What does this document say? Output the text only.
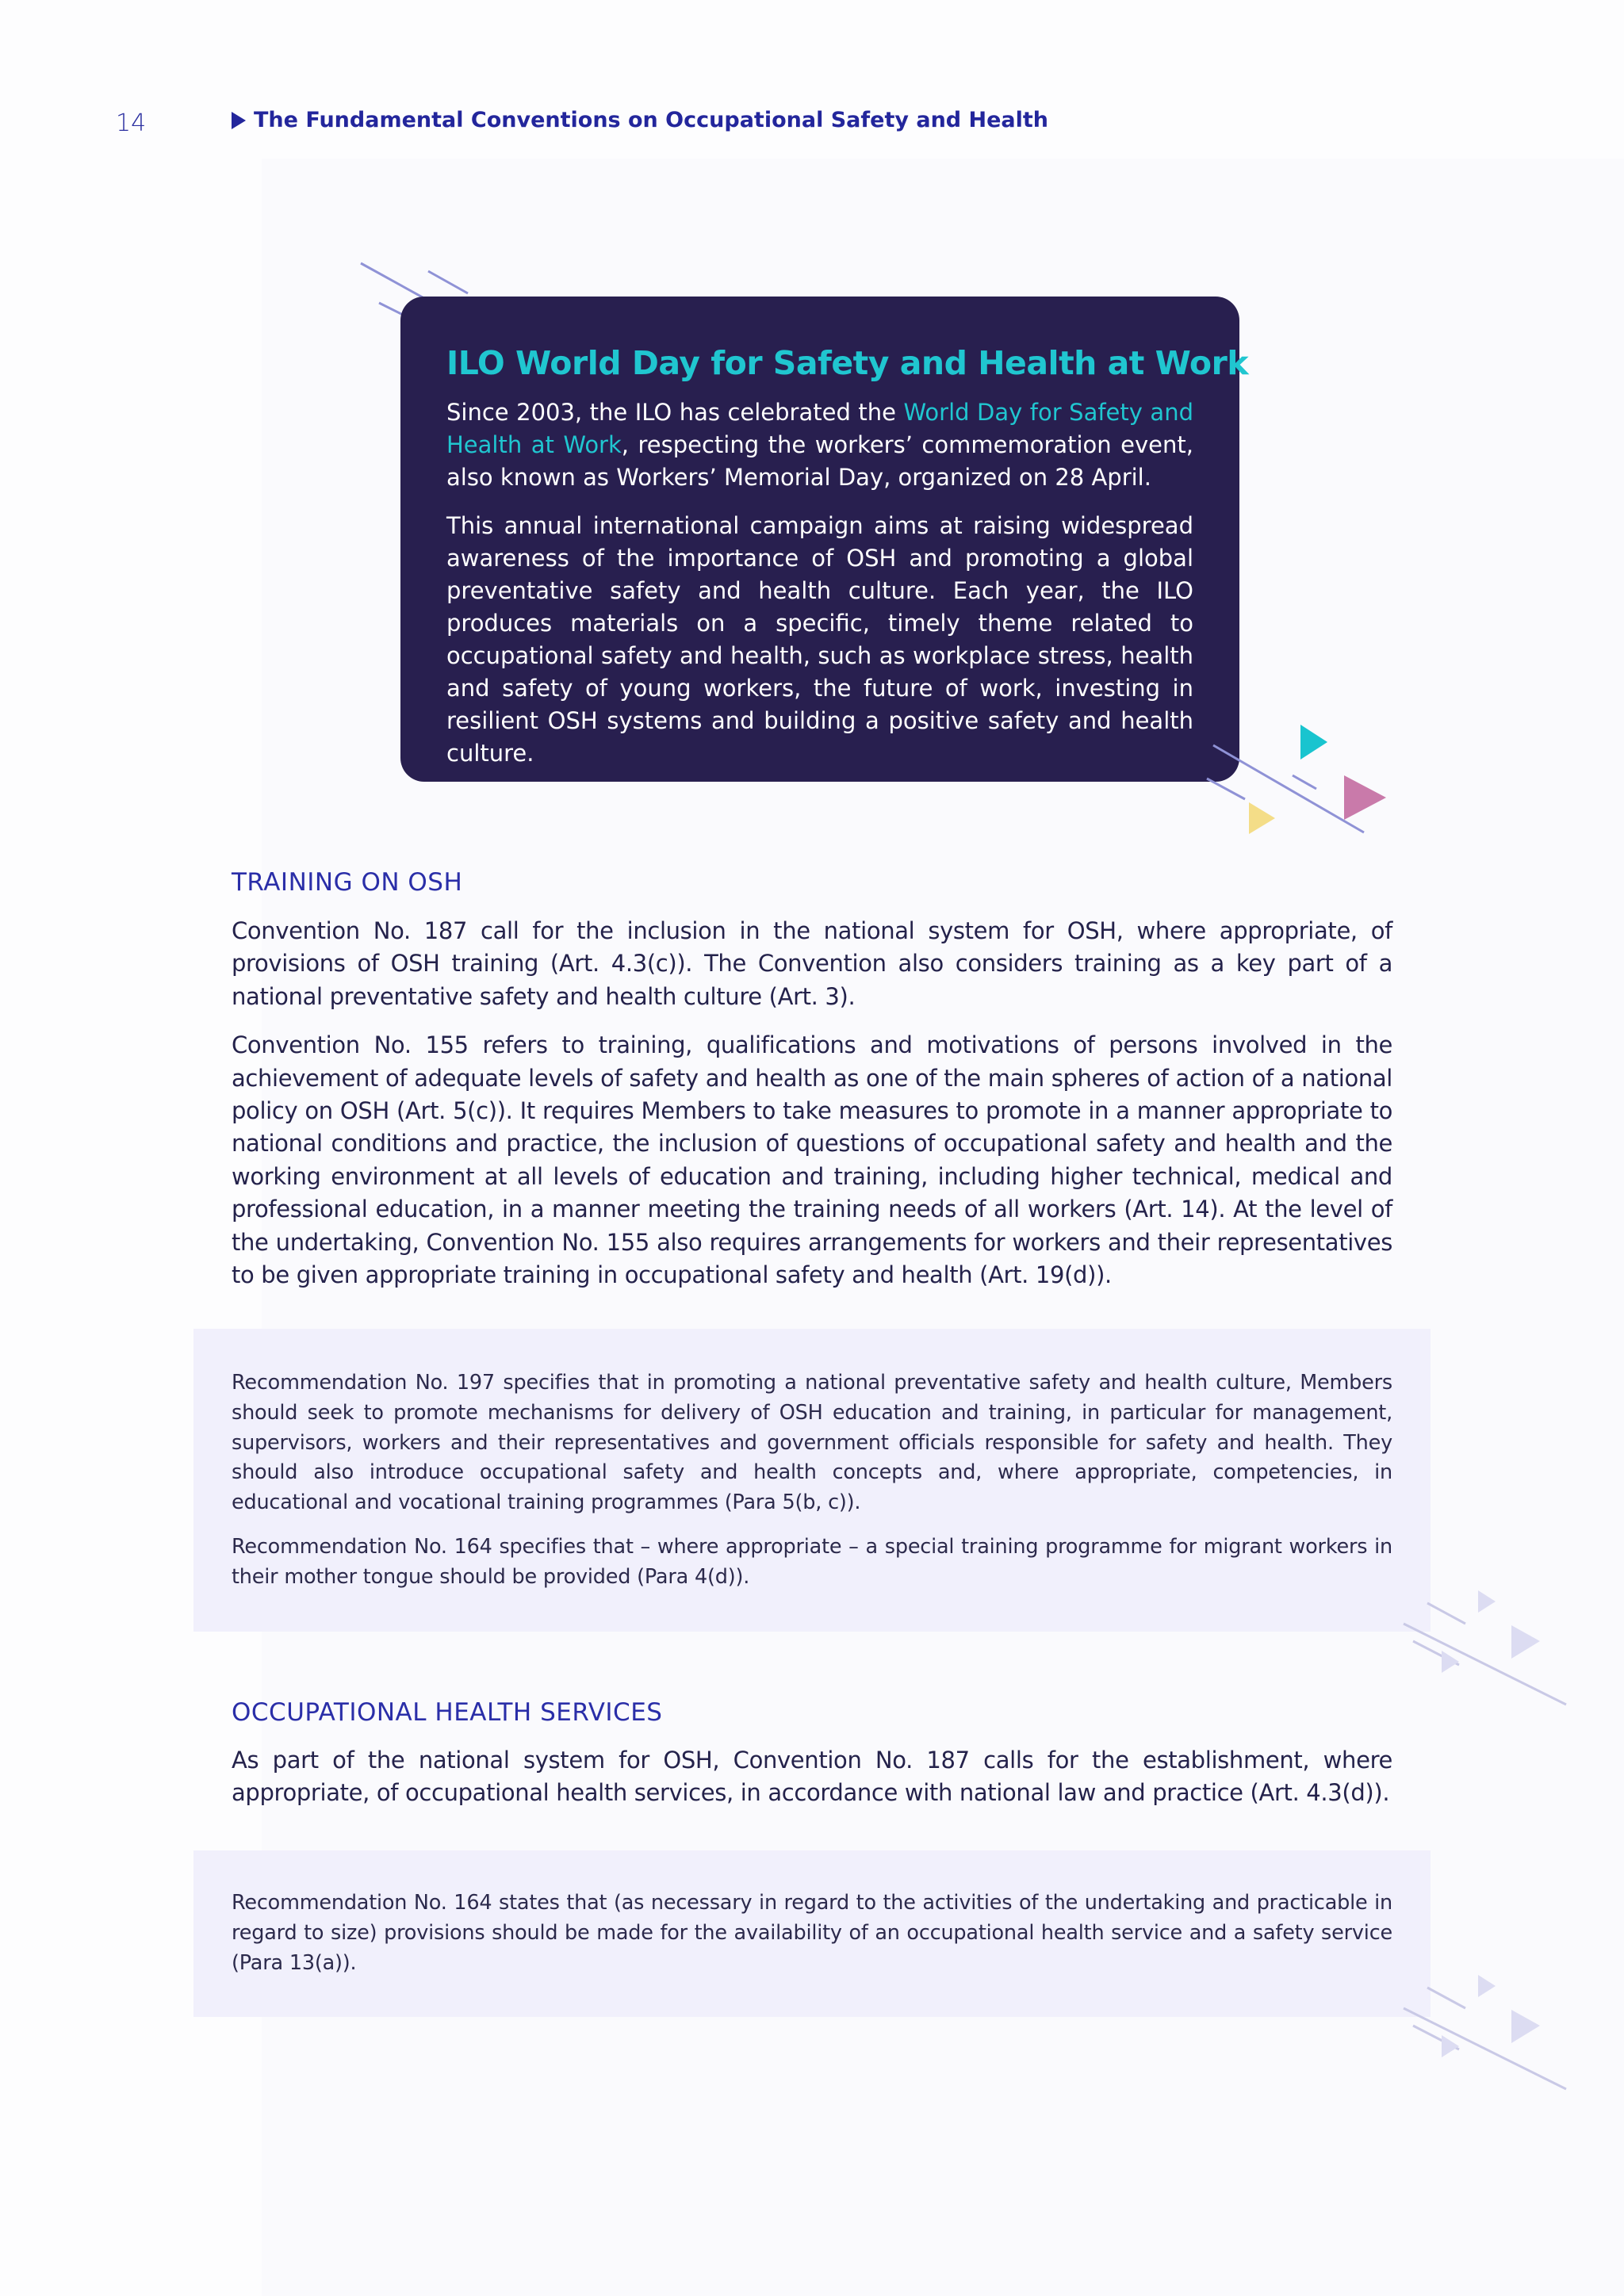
14	The Fundamental Conventions on Occupational Safety and Health
ILO World Day for Safety and Health at Work

Since 2003, the ILO has celebrated the World Day for Safety and Health at Work, respecting the workers’ commemoration event, also known as Workers’ Memorial Day, organized on 28 April.

This annual international campaign aims at raising widespread awareness of the importance of OSH and promoting a global preventative safety and health culture. Each year, the ILO produces materials on a specific, timely theme related to occupational safety and health, such as workplace stress, health and safety of young workers, the future of work, investing in resilient OSH systems and building a positive safety and health culture.

TRAINING ON OSH

Convention No. 187 call for the inclusion in the national system for OSH, where appropriate, of provisions of OSH training (Art. 4.3(c)). The Convention also considers training as a key part of a national preventative safety and health culture (Art. 3).

Convention No. 155 refers to training, qualifications and motivations of persons involved in the achievement of adequate levels of safety and health as one of the main spheres of action of a national policy on OSH (Art. 5(c)). It requires Members to take measures to promote in a manner appropriate to national conditions and practice, the inclusion of questions of occupational safety and health and the working environment at all levels of education and training, including higher technical, medical and professional education, in a manner meeting the training needs of all workers (Art. 14). At the level of the undertaking, Convention No. 155 also requires arrangements for workers and their representatives to be given appropriate training in occupational safety and health (Art. 19(d)).

Recommendation No. 197 specifies that in promoting a national preventative safety and health culture, Members should seek to promote mechanisms for delivery of OSH education and training, in particular for management, supervisors, workers and their representatives and government officials responsible for safety and health. They should also introduce occupational safety and health concepts and, where appropriate, competencies, in educational and vocational training programmes (Para 5(b, c)).

Recommendation No. 164 specifies that – where appropriate – a special training programme for migrant workers in their mother tongue should be provided (Para 4(d)).

OCCUPATIONAL HEALTH SERVICES

As part of the national system for OSH, Convention No. 187 calls for the establishment, where appropriate, of occupational health services, in accordance with national law and practice (Art. 4.3(d)).

Recommendation No. 164 states that (as necessary in regard to the activities of the undertaking and practicable in regard to size) provisions should be made for the availability of an occupational health service and a safety service (Para 13(a)).
